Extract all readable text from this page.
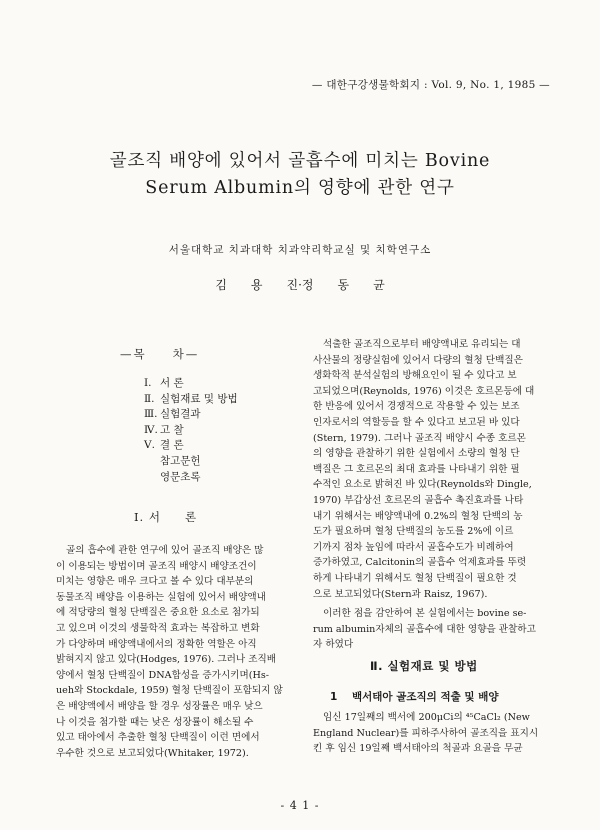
— 대한구강생물학회지 : Vol. 9, No. 1, 1985 —
골조직 배양에 있어서 골흡수에 미치는 Bovine
Serum Albumin의 영향에 관한 연구
서울대학교 치과대학 치과약리학교실 및 치학연구소
김 용 진·정 동 균
—목 차—
Ⅰ. 서 론
Ⅱ. 실험재료 및 방법
Ⅲ. 실험결과
Ⅳ. 고 찰
Ⅴ. 결 론
참고문헌
영문초록
Ⅰ. 서 론
골의 흡수에 관한 연구에 있어 골조직 배양은 많
이 이용되는 방법이며 골조직 배양시 배양조건이
미치는 영향은 매우 크다고 볼 수 있다 대부분의
동물조직 배양을 이용하는 실험에 있어서 배양액내
에 적당량의 혈청 단백질은 중요한 요소로 첨가되
고 있으며 이것의 생물학적 효과는 복잡하고 변화
가 다양하며 배양액내에서의 정확한 역할은 아직
밝혀지지 않고 있다(Hodges, 1976). 그러나 조직배
양에서 혈청 단백질이 DNA합성을 증가시키며(Hs-
ueh와 Stockdale, 1959) 혈청 단백질이 포함되지 않
은 배양액에서 배양을 할 경우 성장률은 매우 낮으
나 이것을 첨가할 때는 낮은 성장률이 해소될 수
있고 태아에서 추출한 혈청 단백질이 이런 면에서
우수한 것으로 보고되었다(Whitaker, 1972).
석출한 골조직으로부터 배양액내로 유리되는 대
사산물의 정량실험에 있어서 다량의 혈청 단백질은
생화학적 분석실험의 방해요인이 될 수 있다고 보
고되었으며(Reynolds, 1976) 이것은 호르몬등에 대
한 반응에 있어서 경쟁적으로 작용할 수 있는 보조
인자로서의 역할등을 할 수 있다고 보고된 바 있다
(Stern, 1979). 그러나 골조직 배양시 수종 호르몬
의 영향을 관찰하기 위한 실험에서 소량의 혈청 단
백질은 그 호르몬의 최대 효과를 나타내기 위한 필
수적인 요소로 밝혀진 바 있다(Reynolds와 Dingle,
1970) 부갑상선 호르몬의 골흡수 촉진효과를 나타
내기 위해서는 배양액내에 0.2%의 혈청 단백의 농
도가 필요하며 혈청 단백질의 농도를 2%에 이르
기까지 점차 높임에 따라서 골흡수도가 비례하여
증가하였고, Calcitonin의 골흡수 억제효과를 뚜렷
하게 나타내기 위해서도 혈청 단백질이 필요한 것
으로 보고되었다(Stern과 Raisz, 1967).
이러한 점을 감안하여 본 실험에서는 bovine se-
rum albumin자체의 골흡수에 대한 영향을 관찰하고
자 하였다
Ⅱ. 실험재료 및 방법
1 백서태아 골조직의 적출 및 배양
임신 17일째의 백서에 200μCi의 ⁴⁵CaCl₂ (New
England Nuclear)를 피하주사하여 골조직을 표지시
킨 후 임신 19일째 백서태아의 척골과 요골을 무균
- 4 1 -
